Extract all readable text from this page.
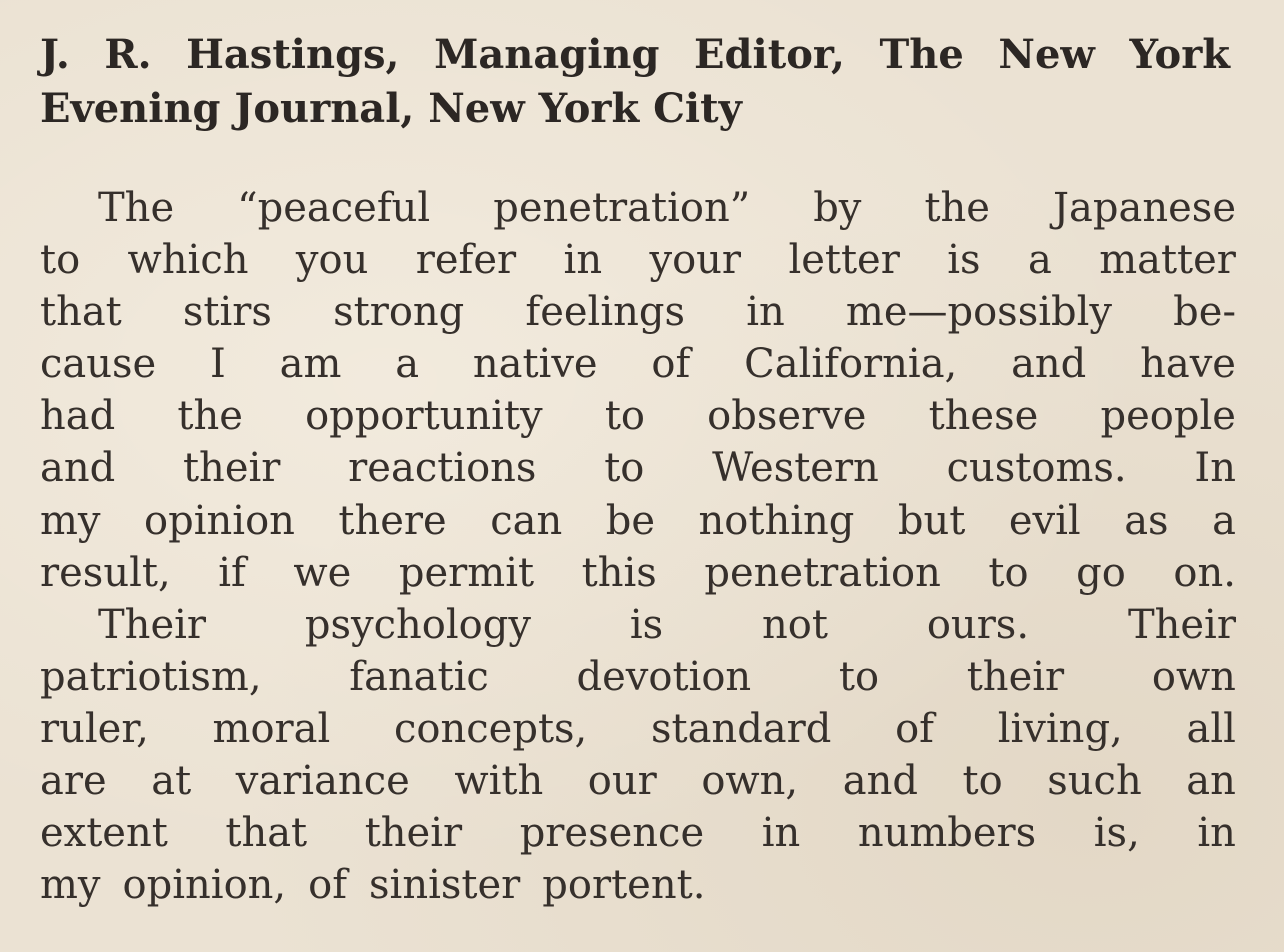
J. R. Hastings, Managing Editor, The New York Evening Journal, New York City
The “peaceful penetration” by the Japanese
to which you refer in your letter is a matter
that stirs strong feelings in me—possibly be-
cause I am a native of California, and have
had the opportunity to observe these people
and their reactions to Western customs. In
my opinion there can be nothing but evil as a
result, if we permit this penetration to go on.
Their psychology is not ours. Their
patriotism, fanatic devotion to their own
ruler, moral concepts, standard of living, all
are at variance with our own, and to such an
extent that their presence in numbers is, in
my opinion, of sinister portent.
